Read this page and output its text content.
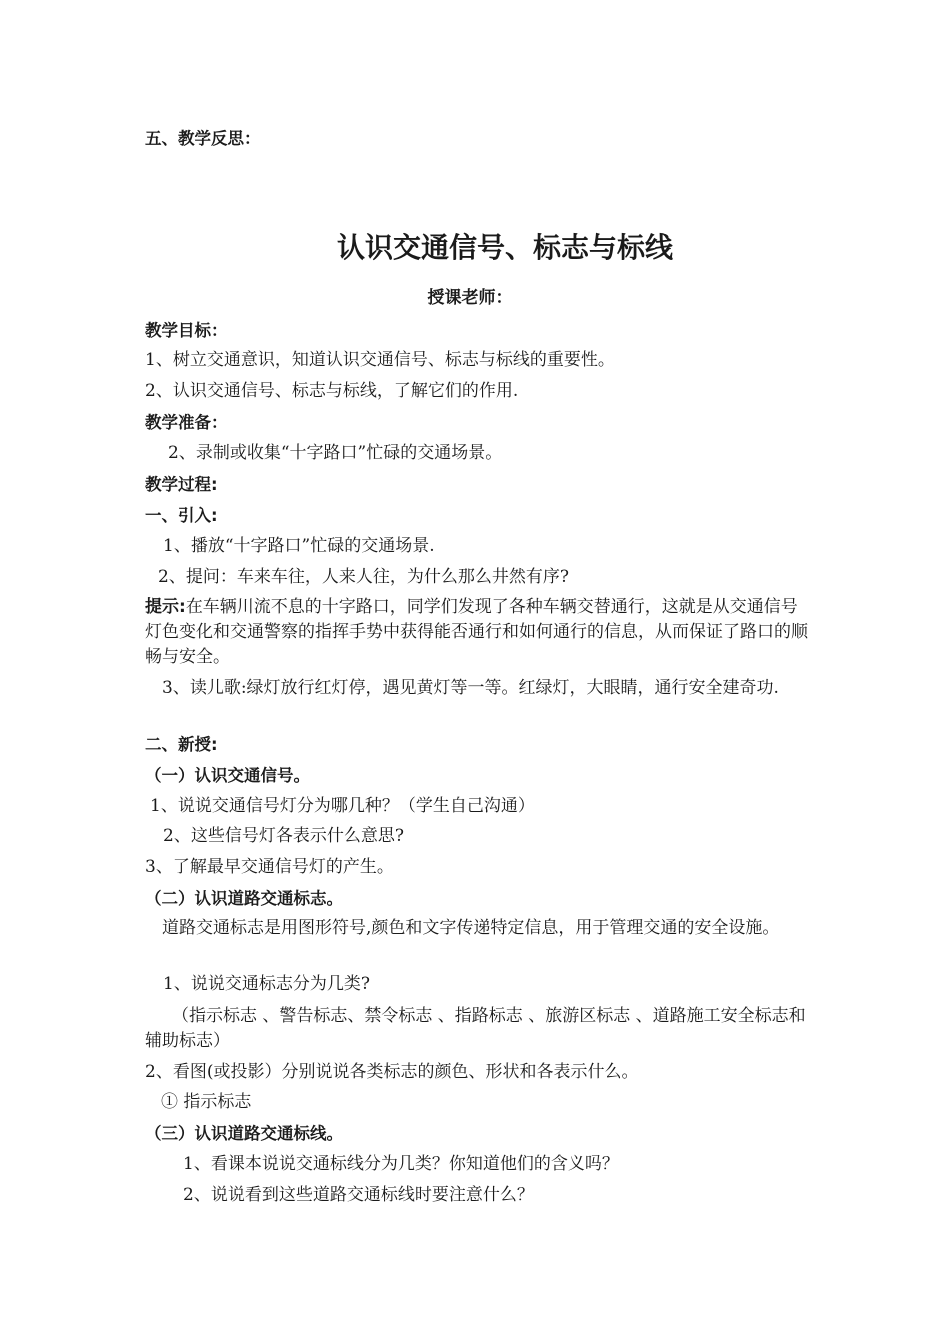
五、教学反思：
认识交通信号、标志与标线
授课老师：
教学目标：
1、树立交通意识，知道认识交通信号、标志与标线的重要性。
2、认识交通信号、标志与标线，了解它们的作用.
教学准备：
2、录制或收集“十字路口”忙碌的交通场景。
教学过程:
一、引入:
1、播放“十字路口”忙碌的交通场景.
2、提问：车来车往，人来人往，为什么那么井然有序?
提示:在车辆川流不息的十字路口，同学们发现了各种车辆交替通行，这就是从交通信号灯色变化和交通警察的指挥手势中获得能否通行和如何通行的信息，从而保证了路口的顺畅与安全。
3、读儿歌:绿灯放行红灯停，遇见黄灯等一等。红绿灯，大眼睛，通行安全建奇功.
二、新授:
（一）认识交通信号。
1、说说交通信号灯分为哪几种？（学生自己沟通）
2、这些信号灯各表示什么意思?
3、了解最早交通信号灯的产生。
（二）认识道路交通标志。
道路交通标志是用图形符号,颜色和文字传递特定信息，用于管理交通的安全设施。
1、说说交通标志分为几类?
（指示标志 、警告标志、禁令标志 、指路标志 、旅游区标志 、道路施工安全标志和辅助标志）
2、看图(或投影）分别说说各类标志的颜色、形状和各表示什么。
① 指示标志
（三）认识道路交通标线。
1、看课本说说交通标线分为几类？你知道他们的含义吗？
2、说说看到这些道路交通标线时要注意什么？
